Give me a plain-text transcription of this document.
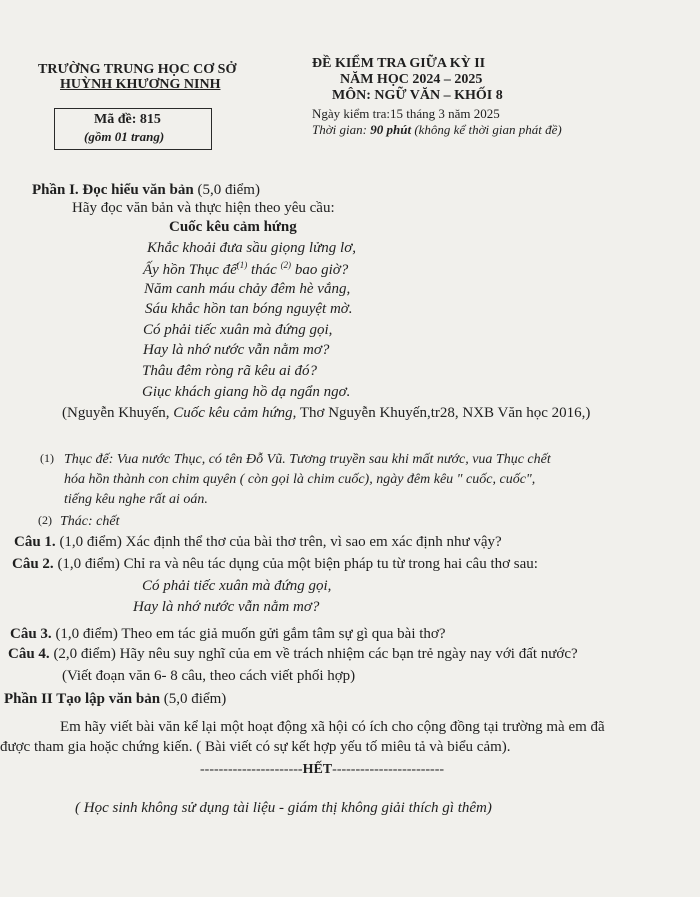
TRƯỜNG TRUNG HỌC CƠ SỞ
HUỲNH KHƯƠNG NINH
Mã đề: 815
(gồm 01 trang)
ĐỀ KIỂM TRA GIỮA KỲ II
NĂM HỌC 2024 – 2025
MÔN: NGỮ VĂN – KHỐI 8
Ngày kiểm tra:15 tháng 3 năm 2025
Thời gian: 90 phút (không kể thời gian phát đề)
Phần I. Đọc hiểu văn bản (5,0 điểm)
Hãy đọc văn bản và thực hiện theo yêu cầu:
Cuốc kêu cảm hứng
Khắc khoải đưa sầu giọng lửng lơ,
Ấy hồn Thục đế$^{(1)}$ thác $^{(2)}$ bao giờ?
Năm canh máu chảy đêm hè vắng,
Sáu khắc hồn tan bóng nguyệt mờ.
Có phải tiếc xuân mà đứng gọi,
Hay là nhớ nước vẫn nằm mơ?
Thâu đêm ròng rã kêu ai đó?
Giục khách giang hồ dạ ngẩn ngơ.
(Nguyễn Khuyến, Cuốc kêu cảm hứng, Thơ Nguyễn Khuyến,tr28, NXB Văn học 2016,)
(1) Thục đế: Vua nước Thục, có tên Đỗ Vũ. Tương truyền sau khi mất nước, vua Thục chết
hóa hồn thành con chim quyên ( còn gọi là chim cuốc), ngày đêm kêu " cuốc, cuốc",
tiếng kêu nghe rất ai oán.
(2) Thác: chết
Câu 1. (1,0 điểm) Xác định thể thơ của bài thơ trên, vì sao em xác định như vậy?
Câu 2. (1,0 điểm) Chỉ ra và nêu tác dụng của một biện pháp tu từ trong hai câu thơ sau:
Có phải tiếc xuân mà đứng gọi,
Hay là nhớ nước vẫn nằm mơ?
Câu 3. (1,0 điểm) Theo em tác giả muốn gửi gắm tâm sự gì qua bài thơ?
Câu 4. (2,0 điểm) Hãy nêu suy nghĩ của em về trách nhiệm các bạn trẻ ngày nay với đất nước?
(Viết đoạn văn 6- 8 câu, theo cách viết phối hợp)
Phần II Tạo lập văn bản (5,0 điểm)
Em hãy viết bài văn kể lại một hoạt động xã hội có ích cho cộng đồng tại trường mà em đã
được tham gia hoặc chứng kiến. ( Bài viết có sự kết hợp yếu tố miêu tả và biểu cảm).
----------------------HẾT------------------------
( Học sinh không sử dụng tài liệu - giám thị không giải thích gì thêm)
